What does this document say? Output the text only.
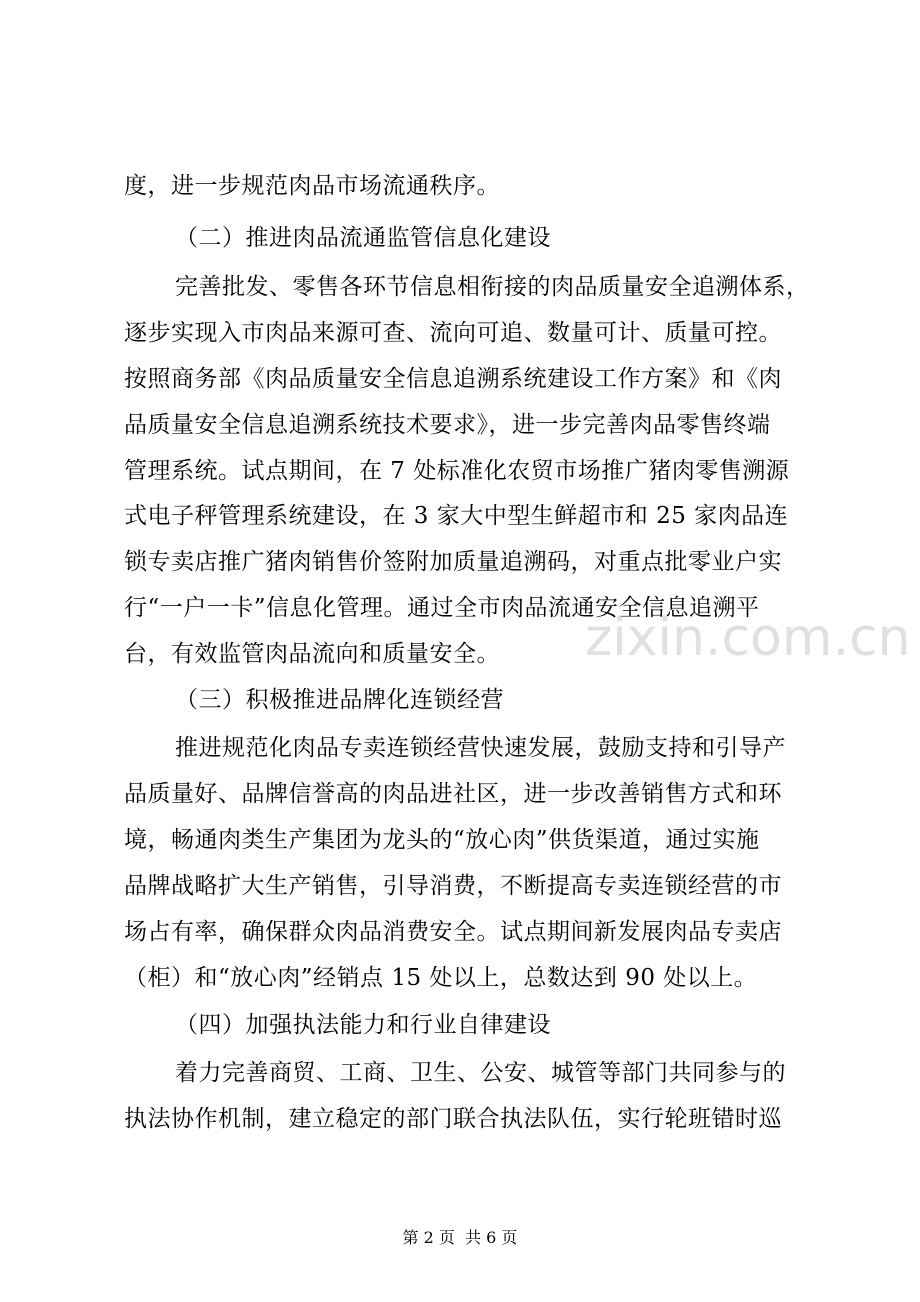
度，进一步规范肉品市场流通秩序。
（二）推进肉品流通监管信息化建设
完善批发、零售各环节信息相衔接的肉品质量安全追溯体系，
逐步实现入市肉品来源可查、流向可追、数量可计、质量可控。
按照商务部《肉品质量安全信息追溯系统建设工作方案》和《肉
品质量安全信息追溯系统技术要求》，进一步完善肉品零售终端
管理系统。试点期间，在 7 处标准化农贸市场推广猪肉零售溯源
式电子秤管理系统建设，在 3 家大中型生鲜超市和 25 家肉品连
锁专卖店推广猪肉销售价签附加质量追溯码，对重点批零业户实
行“一户一卡”信息化管理。通过全市肉品流通安全信息追溯平
台，有效监管肉品流向和质量安全。
（三）积极推进品牌化连锁经营
推进规范化肉品专卖连锁经营快速发展，鼓励支持和引导产
品质量好、品牌信誉高的肉品进社区，进一步改善销售方式和环
境，畅通肉类生产集团为龙头的“放心肉”供货渠道，通过实施
品牌战略扩大生产销售，引导消费，不断提高专卖连锁经营的市
场占有率，确保群众肉品消费安全。试点期间新发展肉品专卖店
（柜）和“放心肉”经销点 15 处以上，总数达到 90 处以上。
（四）加强执法能力和行业自律建设
着力完善商贸、工商、卫生、公安、城管等部门共同参与的
执法协作机制，建立稳定的部门联合执法队伍，实行轮班错时巡
zixin.com.cn
第 2 页 共 6 页
